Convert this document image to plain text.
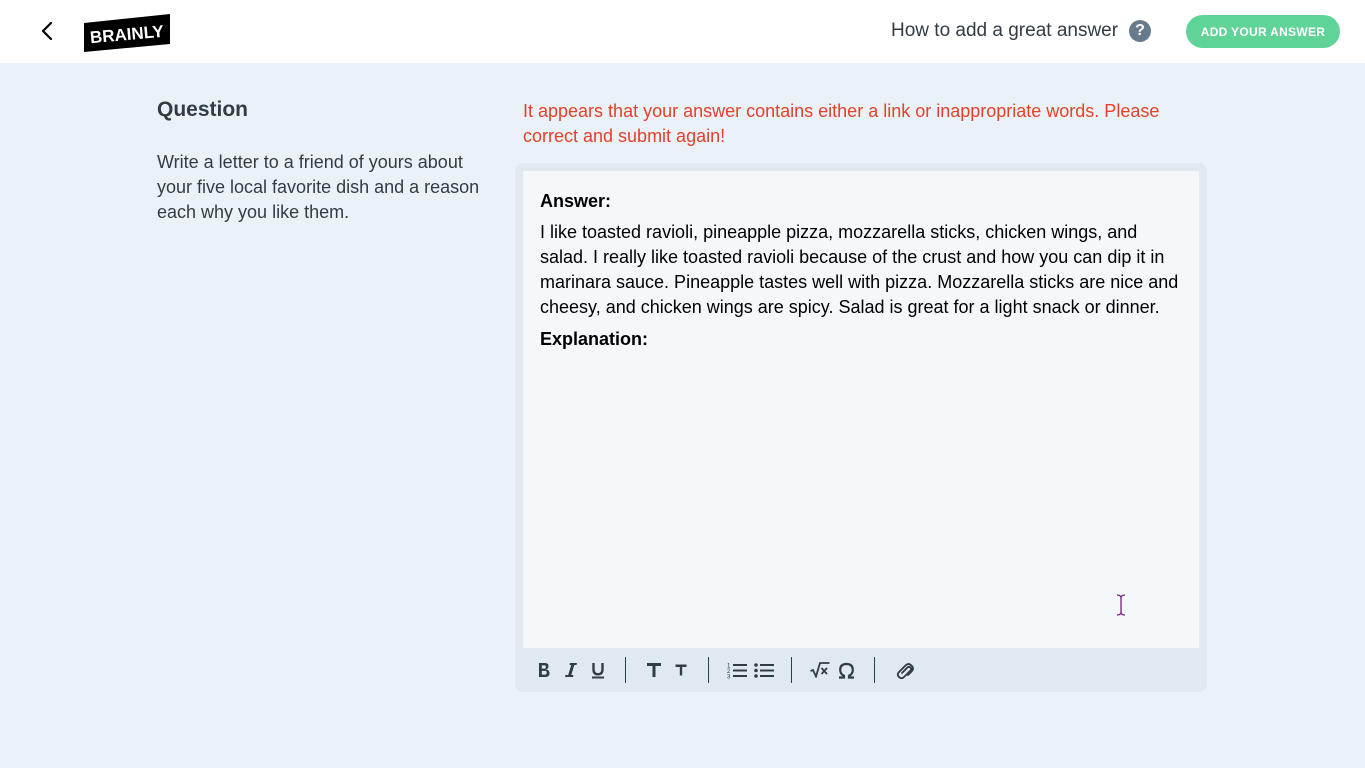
BRAINLY	How to add a great answer	?	ADD YOUR ANSWER
Question
Write a letter to a friend of yours about your five local favorite dish and a reason each why you like them.
It appears that your answer contains either a link or inappropriate words. Please correct and submit again!
Answer:
I like toasted ravioli, pineapple pizza, mozzarella sticks, chicken wings, and salad. I really like toasted ravioli because of the crust and how you can dip it in marinara sauce. Pineapple tastes well with pizza. Mozzarella sticks are nice and cheesy, and chicken wings are spicy. Salad is great for a light snack or dinner.
Explanation:
1
2
3
